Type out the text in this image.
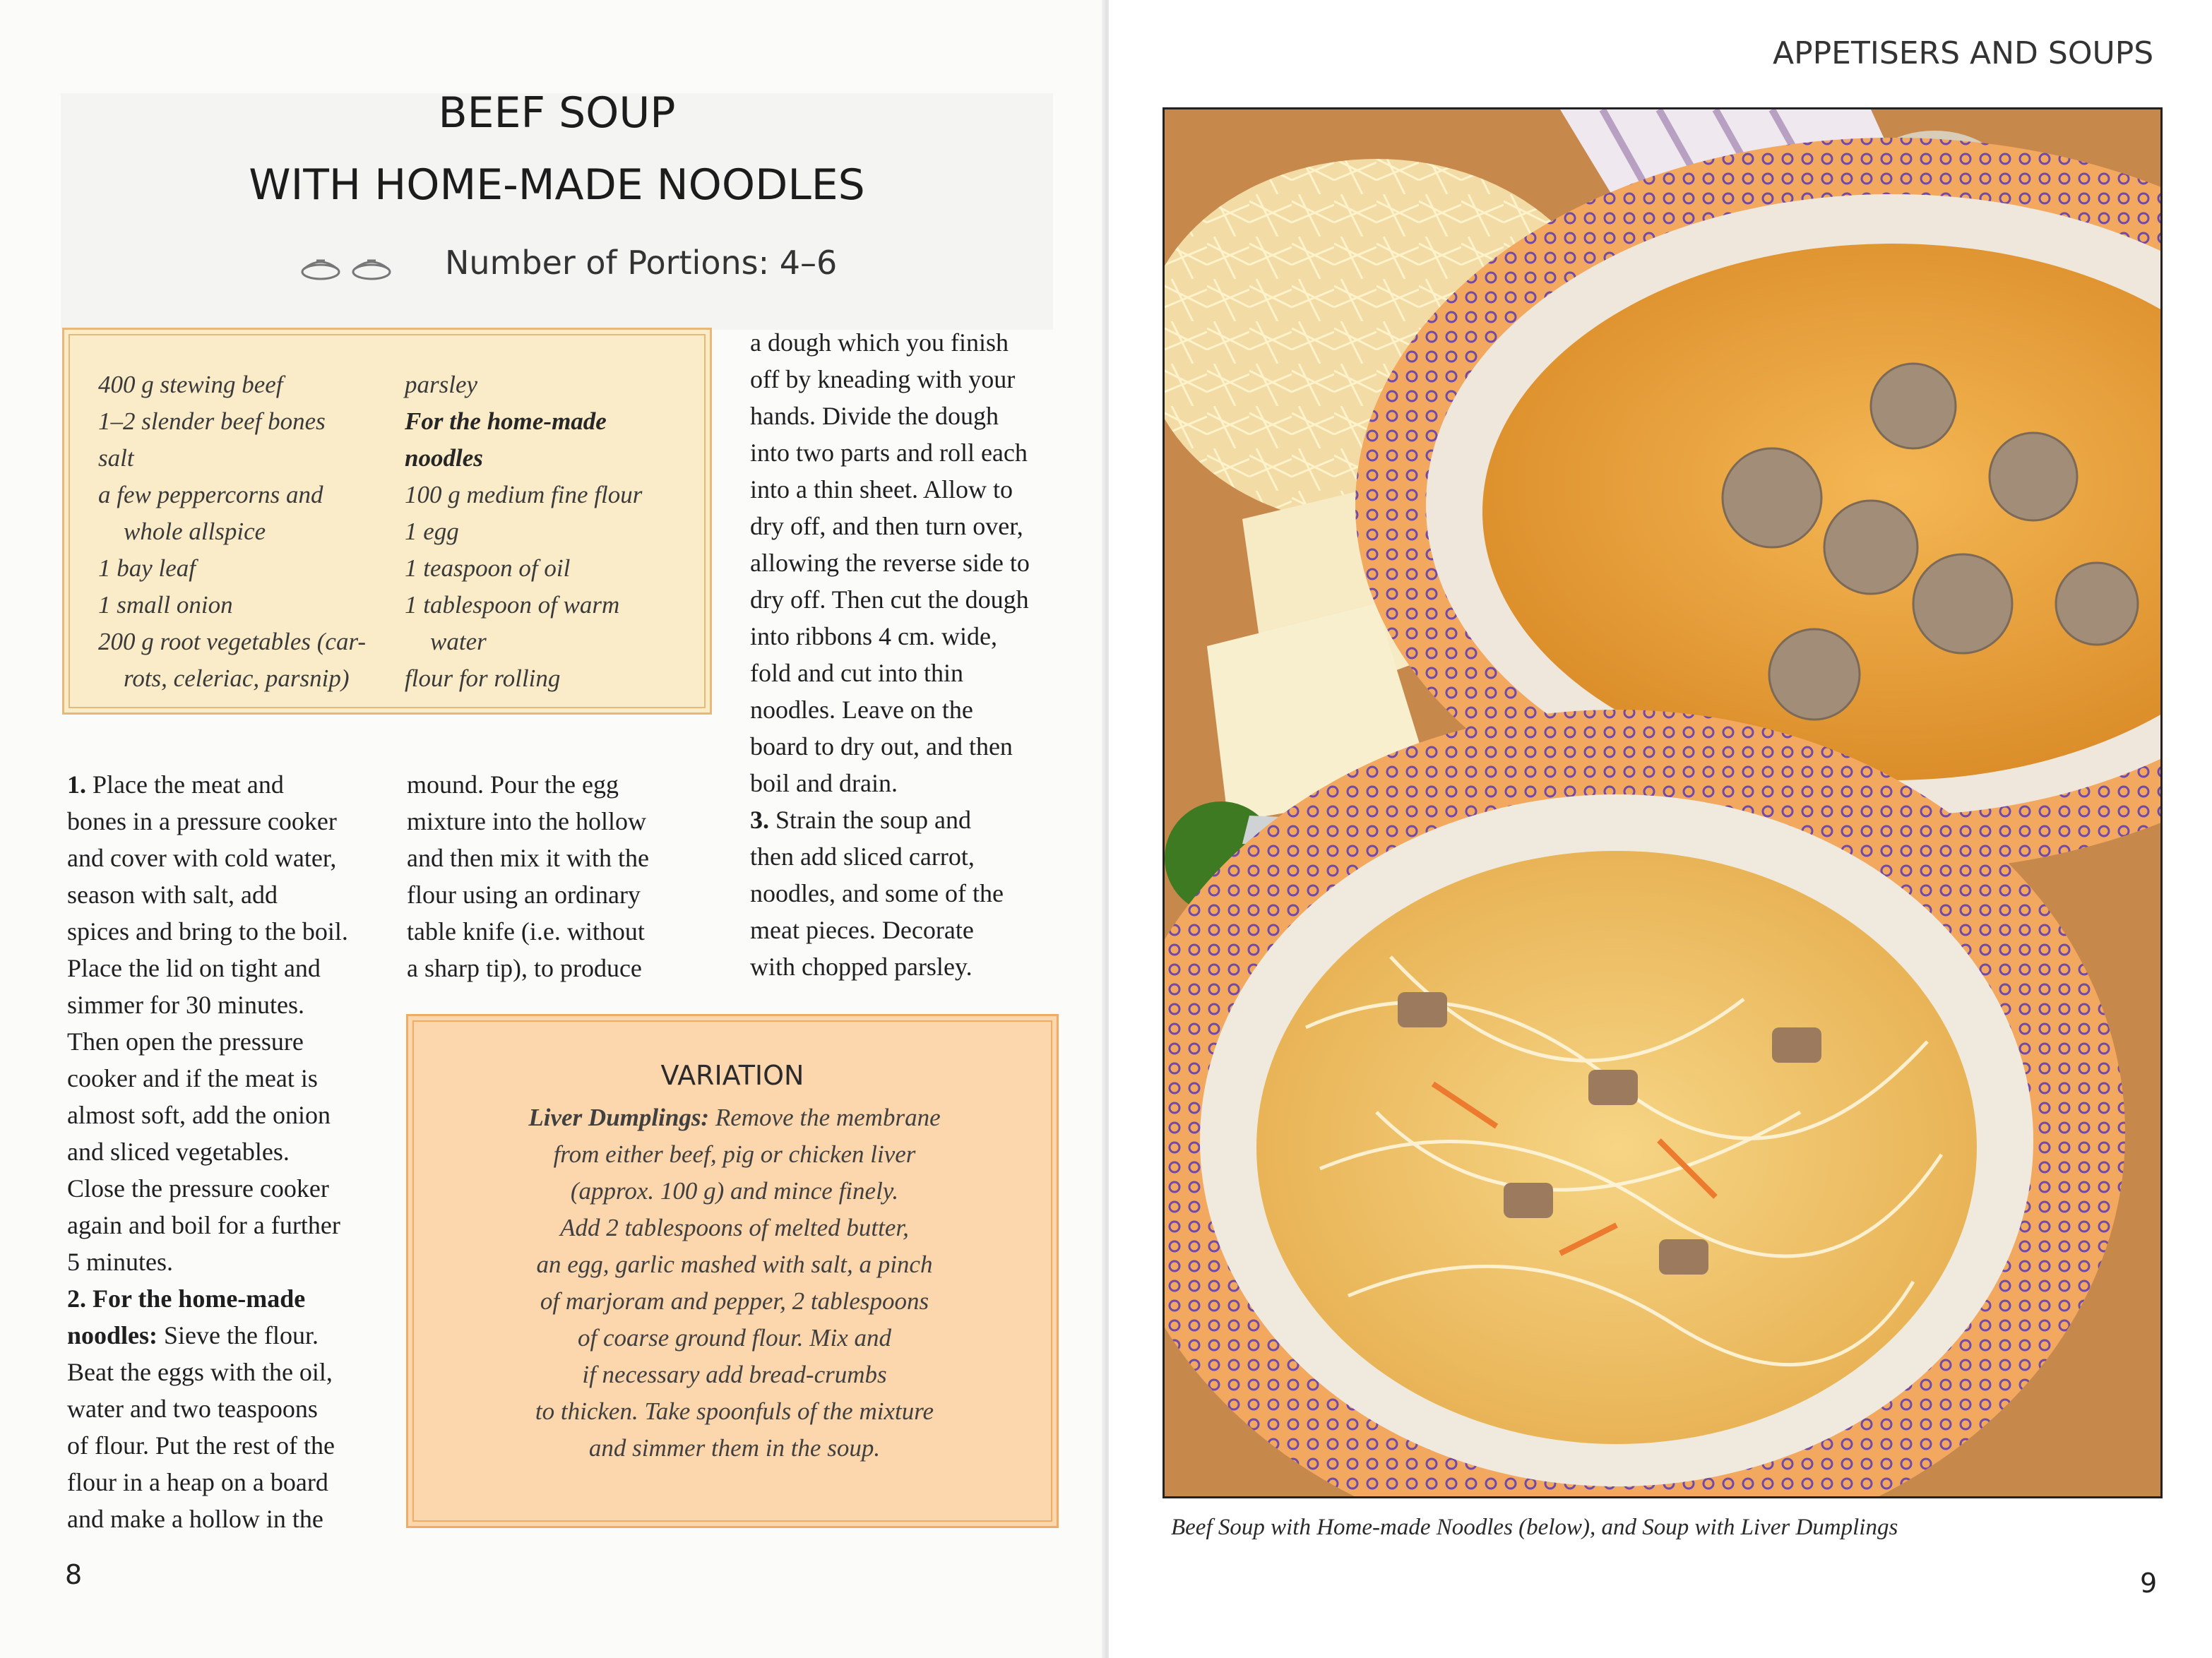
BEEF SOUP
WITH HOME-MADE NOODLES
Number of Portions: 4–6
400 g stewing beef
1–2 slender beef bones
salt
a few peppercorns and
whole allspice
1 bay leaf
1 small onion
200 g root vegetables (car-
rots, celeriac, parsnip)
parsley
For the home-made
noodles
100 g medium fine flour
1 egg
1 teaspoon of oil
1 tablespoon of warm
water
flour for rolling

1. Place the meat and

bones in a pressure cooker

and cover with cold water,

season with salt, add

spices and bring to the boil.

Place the lid on tight and

simmer for 30 minutes.

Then open the pressure

cooker and if the meat is

almost soft, add the onion

and sliced vegetables.

Close the pressure cooker

again and boil for a further

5 minutes.

2. For the home-made

noodles: Sieve the flour.

Beat the eggs with the oil,

water and two teaspoons

of flour. Put the rest of the

flour in a heap on a board

and make a hollow in the

mound. Pour the egg

mixture into the hollow

and then mix it with the

flour using an ordinary

table knife (i.e. without

a sharp tip), to produce

a dough which you finish

off by kneading with your

hands. Divide the dough

into two parts and roll each

into a thin sheet. Allow to

dry off, and then turn over,

allowing the reverse side to

dry off. Then cut the dough

into ribbons 4 cm. wide,

fold and cut into thin

noodles. Leave on the

board to dry out, and then

boil and drain.

3. Strain the soup and

then add sliced carrot,

noodles, and some of the

meat pieces. Decorate

with chopped parsley.

VARIATION

Liver Dumplings: Remove the membrane

from either beef, pig or chicken liver

(approx. 100 g) and mince finely.

Add 2 tablespoons of melted butter,

an egg, garlic mashed with salt, a pinch

of marjoram and pepper, 2 tablespoons

of coarse ground flour. Mix and

if necessary add bread-crumbs

to thicken. Take spoonfuls of the mixture

and simmer them in the soup.

8
APPETISERS AND SOUPS
Beef Soup with Home-made Noodles (below), and Soup with Liver Dumplings
9
